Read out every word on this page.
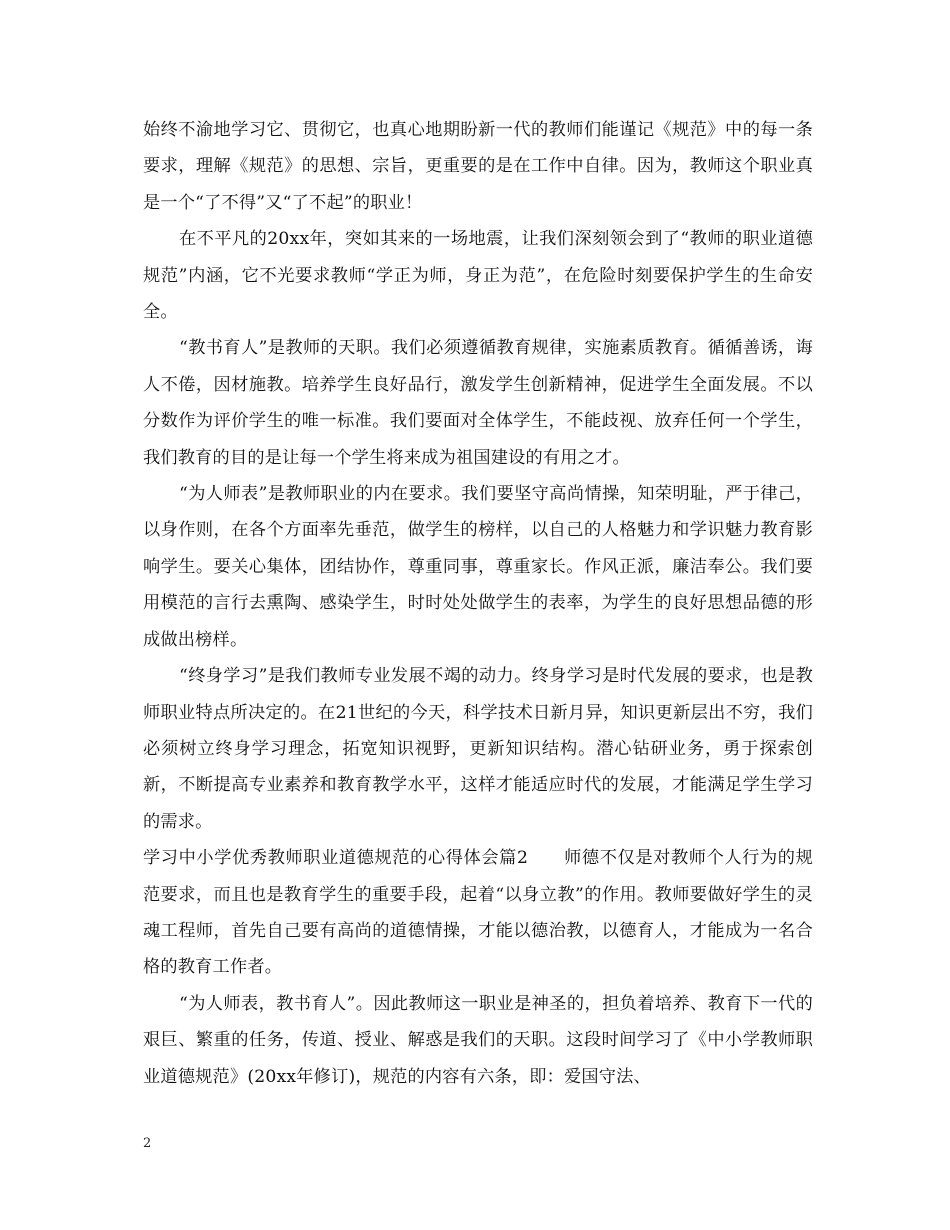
始终不渝地学习它、贯彻它，也真心地期盼新一代的教师们能谨记《规范》中的每一条要求，理解《规范》的思想、宗旨，更重要的是在工作中自律。因为，教师这个职业真是一个“了不得”又“了不起”的职业！

在不平凡的20xx年，突如其来的一场地震，让我们深刻领会到了“教师的职业道德规范”内涵，它不光要求教师“学正为师，身正为范”，在危险时刻要保护学生的生命安全。

“教书育人”是教师的天职。我们必须遵循教育规律，实施素质教育。循循善诱，诲人不倦，因材施教。培养学生良好品行，激发学生创新精神，促进学生全面发展。不以分数作为评价学生的唯一标准。我们要面对全体学生，不能歧视、放弃任何一个学生，我们教育的目的是让每一个学生将来成为祖国建设的有用之才。

“为人师表”是教师职业的内在要求。我们要坚守高尚情操，知荣明耻，严于律己，以身作则，在各个方面率先垂范，做学生的榜样，以自己的人格魅力和学识魅力教育影响学生。要关心集体，团结协作，尊重同事，尊重家长。作风正派，廉洁奉公。我们要用模范的言行去熏陶、感染学生，时时处处做学生的表率，为学生的良好思想品德的形成做出榜样。

“终身学习”是我们教师专业发展不竭的动力。终身学习是时代发展的要求，也是教师职业特点所决定的。在21世纪的今天，科学技术日新月异，知识更新层出不穷，我们必须树立终身学习理念，拓宽知识视野，更新知识结构。潜心钻研业务，勇于探索创新，不断提高专业素养和教育教学水平，这样才能适应时代的发展，才能满足学生学习的需求。

学习中小学优秀教师职业道德规范的心得体会篇2　　师德不仅是对教师个人行为的规范要求，而且也是教育学生的重要手段，起着“以身立教”的作用。教师要做好学生的灵魂工程师，首先自己要有高尚的道德情操，才能以德治教，以德育人，才能成为一名合格的教育工作者。

“为人师表，教书育人”。因此教师这一职业是神圣的，担负着培养、教育下一代的艰巨、繁重的任务，传道、授业、解惑是我们的天职。这段时间学习了《中小学教师职业道德规范》(20xx年修订)，规范的内容有六条，即：爱国守法、

2
